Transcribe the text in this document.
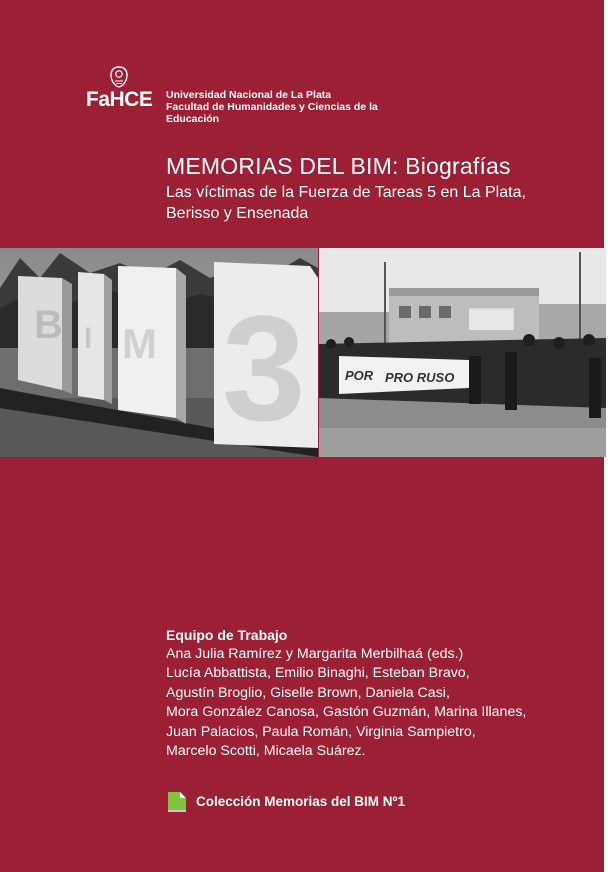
FaHCE Universidad Nacional de La Plata
Facultad de Humanidades y Ciencias de la Educación
MEMORIAS DEL BIM: Biografías
Las víctimas de la Fuerza de Tareas 5 en La Plata,
Berisso y Ensenada
B I M 3	POR PRO RUSO
Equipo de Trabajo
Ana Julia Ramírez y Margarita Merbilhaá (eds.)
Lucía Abbattista, Emilio Binaghi, Esteban Bravo,
Agustín Broglio, Giselle Brown, Daniela Casi,
Mora González Canosa, Gastón Guzmán, Marina Illanes,
Juan Palacios, Paula Román, Virginia Sampietro,
Marcelo Scotti, Micaela Suárez.
Colección Memorias del BIM Nº1
